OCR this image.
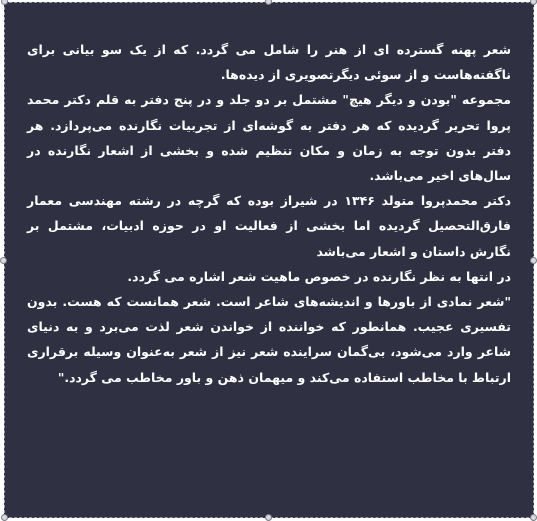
شعر پهنه گسترده ای از هنر را شامل می گردد. که از یک سو بیانی برای ناگفته‌هاست و از سوئی دیگرتصویری از دیده‌ها.

مجموعه "بودن و دیگر هیچ" مشتمل بر دو جلد و در پنج دفتر به قلم دکتر محمد پروا تحریر گردیده که هر دفتر به گوشه‌ای از تجربیات نگارنده می‌پردازد. هر دفتر بدون توجه به زمان و مکان تنظیم شده و بخشی از اشعار نگارنده در سال‌های اخیر می‌باشد.

دکتر محمدپروا متولد ۱۳۴۶ در شیراز بوده که گرچه در رشته مهندسی معمار فارق‌التحصیل گردیده اما بخشی از فعالیت او در حوزه ادبیات، مشتمل بر نگارش داستان و اشعار می‌باشد

در انتها به نظر نگارنده در خصوص ماهیت شعر اشاره می گردد.

"شعر نمادی از باورها و اندیشه‌های شاعر است. شعر همانست که هست. بدون تفسیری عجیب. همانطور که خواننده از خواندن شعر لذت می‌برد و به دنیای شاعر وارد می‌شود، بی‌گمان سراینده شعر نیز از شعر به‌عنوان وسیله برقراری ارتباط با مخاطب استفاده می‌کند و میهمان ذهن و باور مخاطب می گردد."
